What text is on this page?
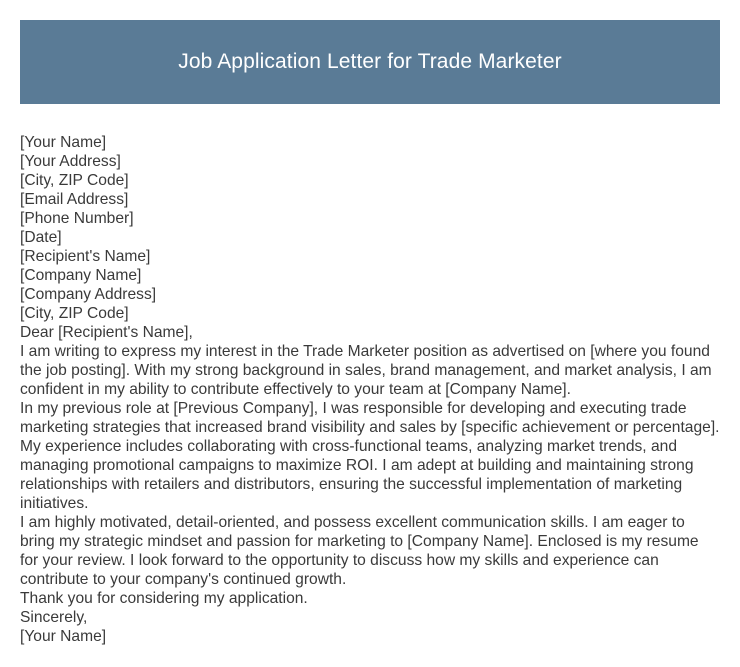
Job Application Letter for Trade Marketer

[Your Name]

[Your Address]

[City, ZIP Code]

[Email Address]

[Phone Number]

[Date]

[Recipient's Name]

[Company Name]

[Company Address]

[City, ZIP Code]

Dear [Recipient's Name],

I am writing to express my interest in the Trade Marketer position as advertised on [where you found the job posting]. With my strong background in sales, brand management, and market analysis, I am confident in my ability to contribute effectively to your team at [Company Name].

In my previous role at [Previous Company], I was responsible for developing and executing trade marketing strategies that increased brand visibility and sales by [specific achievement or percentage]. My experience includes collaborating with cross-functional teams, analyzing market trends, and managing promotional campaigns to maximize ROI. I am adept at building and maintaining strong relationships with retailers and distributors, ensuring the successful implementation of marketing initiatives.

I am highly motivated, detail-oriented, and possess excellent communication skills. I am eager to bring my strategic mindset and passion for marketing to [Company Name]. Enclosed is my resume for your review. I look forward to the opportunity to discuss how my skills and experience can contribute to your company's continued growth.

Thank you for considering my application.

Sincerely,

[Your Name]
